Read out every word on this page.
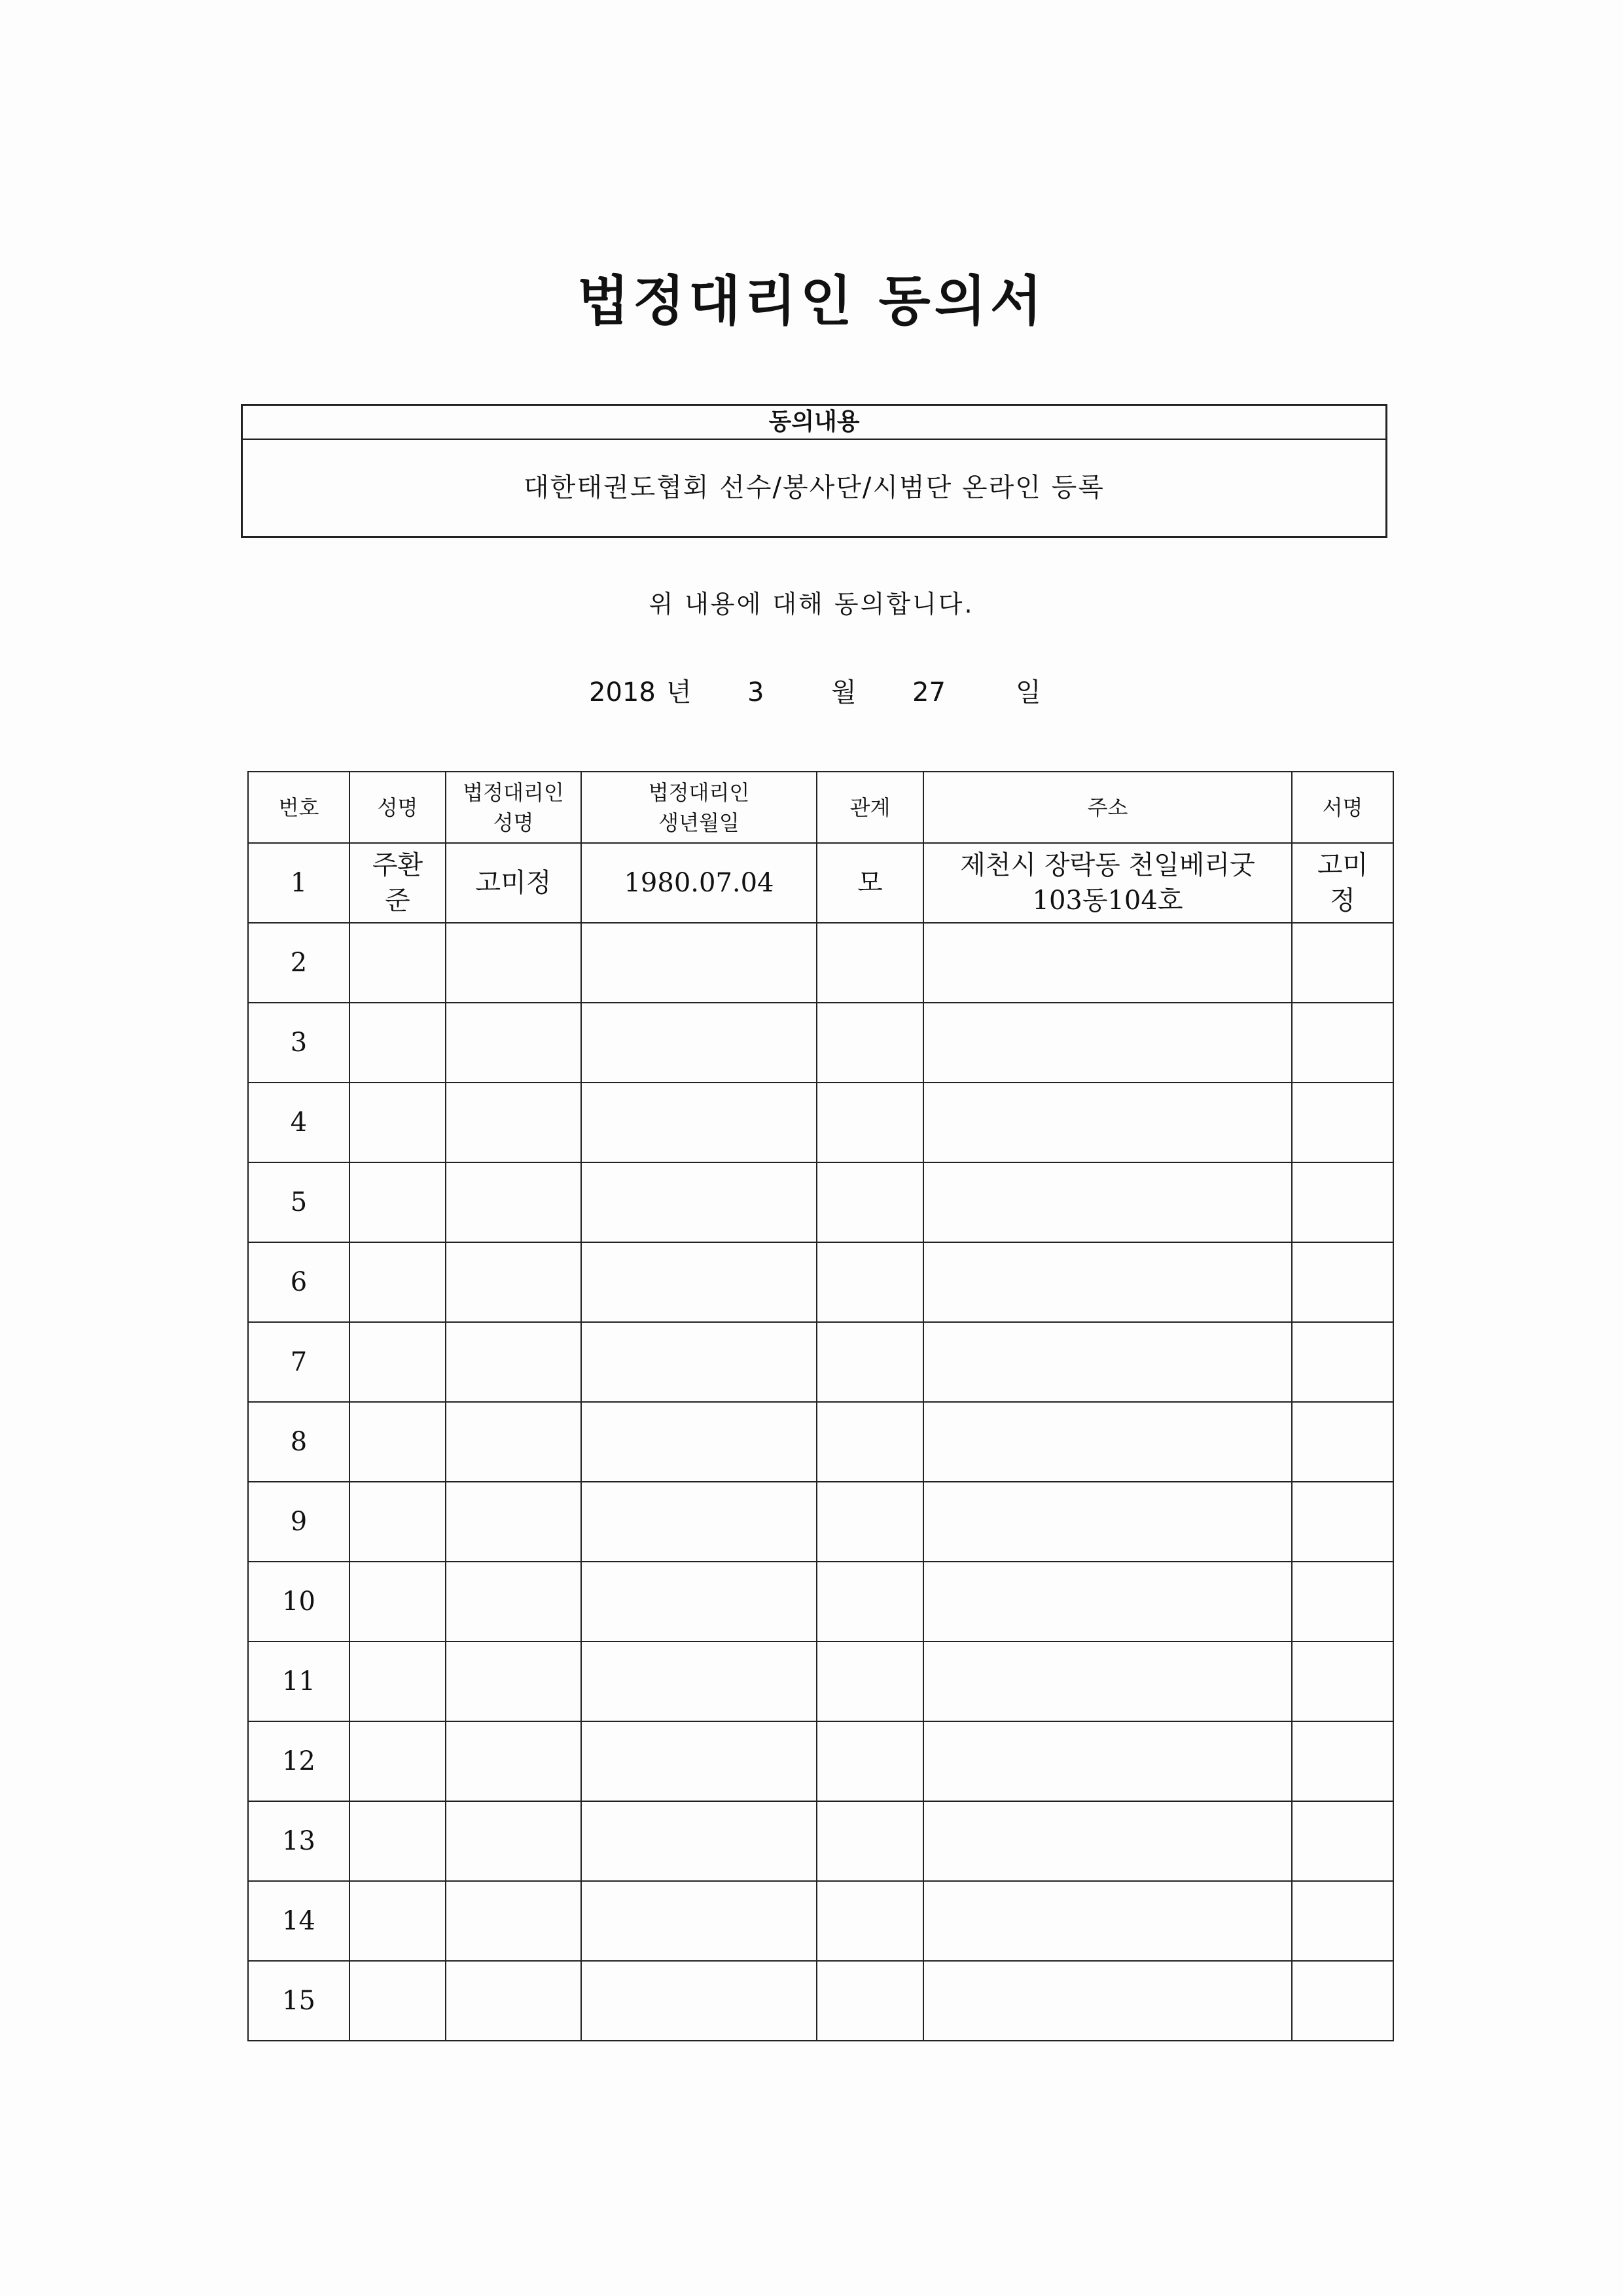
법정대리인 동의서
동의내용
대한태권도협회 선수/봉사단/시범단 온라인 등록
위 내용에 대해 동의합니다.
2018 년 3	월 27	일
번호	성명	법정대리인 성명	법정대리인 생년월일	관계	주소	서명
1	주환준	고미정	1980.07.04	모	제천시 장락동 천일베리굿 103동104호	고미정
2						
3						
4						
5						
6						
7						
8						
9						
10						
11						
12						
13						
14						
15						
